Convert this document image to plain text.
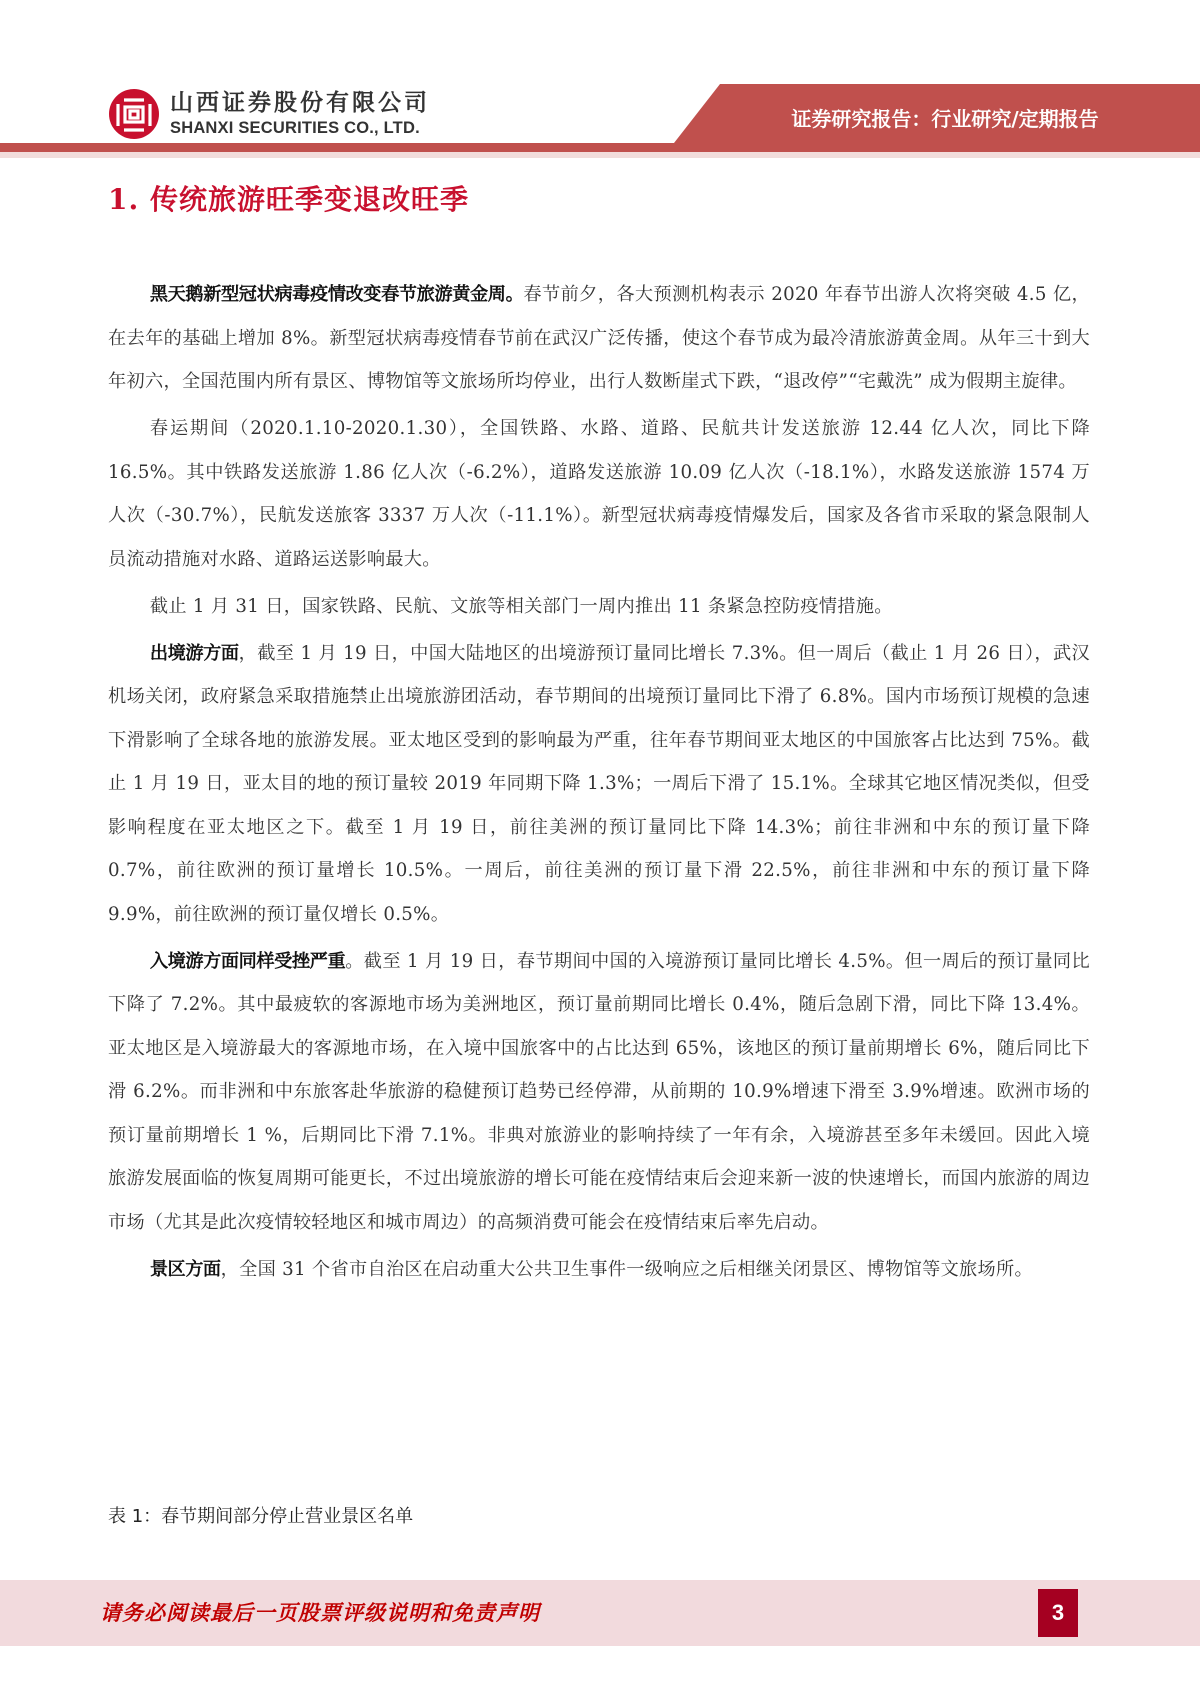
山西证券股份有限公司
SHANXI SECURITIES CO., LTD.	证券研究报告：行业研究/定期报告
1. 传统旅游旺季变退改旺季

黑天鹅新型冠状病毒疫情改变春节旅游黄金周。春节前夕，各大预测机构表示 2020 年春节出游人次将突破 4.5 亿，在去年的基础上增加 8%。新型冠状病毒疫情春节前在武汉广泛传播，使这个春节成为最冷清旅游黄金周。从年三十到大年初六，全国范围内所有景区、博物馆等文旅场所均停业，出行人数断崖式下跌，“退改停”“宅戴洗” 成为假期主旋律。

春运期间（2020.1.10-2020.1.30），全国铁路、水路、道路、民航共计发送旅游 12.44 亿人次，同比下降 16.5%。其中铁路发送旅游 1.86 亿人次（-6.2%），道路发送旅游 10.09 亿人次（-18.1%），水路发送旅游 1574 万人次（-30.7%），民航发送旅客 3337 万人次（-11.1%）。新型冠状病毒疫情爆发后，国家及各省市采取的紧急限制人员流动措施对水路、道路运送影响最大。

截止 1 月 31 日，国家铁路、民航、文旅等相关部门一周内推出 11 条紧急控防疫情措施。

出境游方面，截至 1 月 19 日，中国大陆地区的出境游预订量同比增长 7.3%。但一周后（截止 1 月 26 日），武汉机场关闭，政府紧急采取措施禁止出境旅游团活动，春节期间的出境预订量同比下滑了 6.8%。国内市场预订规模的急速下滑影响了全球各地的旅游发展。亚太地区受到的影响最为严重，往年春节期间亚太地区的中国旅客占比达到 75%。截止 1 月 19 日，亚太目的地的预订量较 2019 年同期下降 1.3%；一周后下滑了 15.1%。全球其它地区情况类似，但受影响程度在亚太地区之下。截至 1 月 19 日，前往美洲的预订量同比下降 14.3%；前往非洲和中东的预订量下降 0.7%，前往欧洲的预订量增长 10.5%。一周后，前往美洲的预订量下滑 22.5%，前往非洲和中东的预订量下降 9.9%，前往欧洲的预订量仅增长 0.5%。

入境游方面同样受挫严重。截至 1 月 19 日，春节期间中国的入境游预订量同比增长 4.5%。但一周后的预订量同比下降了 7.2%。其中最疲软的客源地市场为美洲地区，预订量前期同比增长 0.4%，随后急剧下滑，同比下降 13.4%。亚太地区是入境游最大的客源地市场，在入境中国旅客中的占比达到 65%，该地区的预订量前期增长 6%，随后同比下滑 6.2%。而非洲和中东旅客赴华旅游的稳健预订趋势已经停滞，从前期的 10.9%增速下滑至 3.9%增速。欧洲市场的预订量前期增长 1 %，后期同比下滑 7.1%。非典对旅游业的影响持续了一年有余，入境游甚至多年未缓回。因此入境旅游发展面临的恢复周期可能更长，不过出境旅游的增长可能在疫情结束后会迎来新一波的快速增长，而国内旅游的周边市场（尤其是此次疫情较轻地区和城市周边）的高频消费可能会在疫情结束后率先启动。

景区方面，全国 31 个省市自治区在启动重大公共卫生事件一级响应之后相继关闭景区、博物馆等文旅场所。

表 1：春节期间部分停止营业景区名单
请务必阅读最后一页股票评级说明和免责声明	3
